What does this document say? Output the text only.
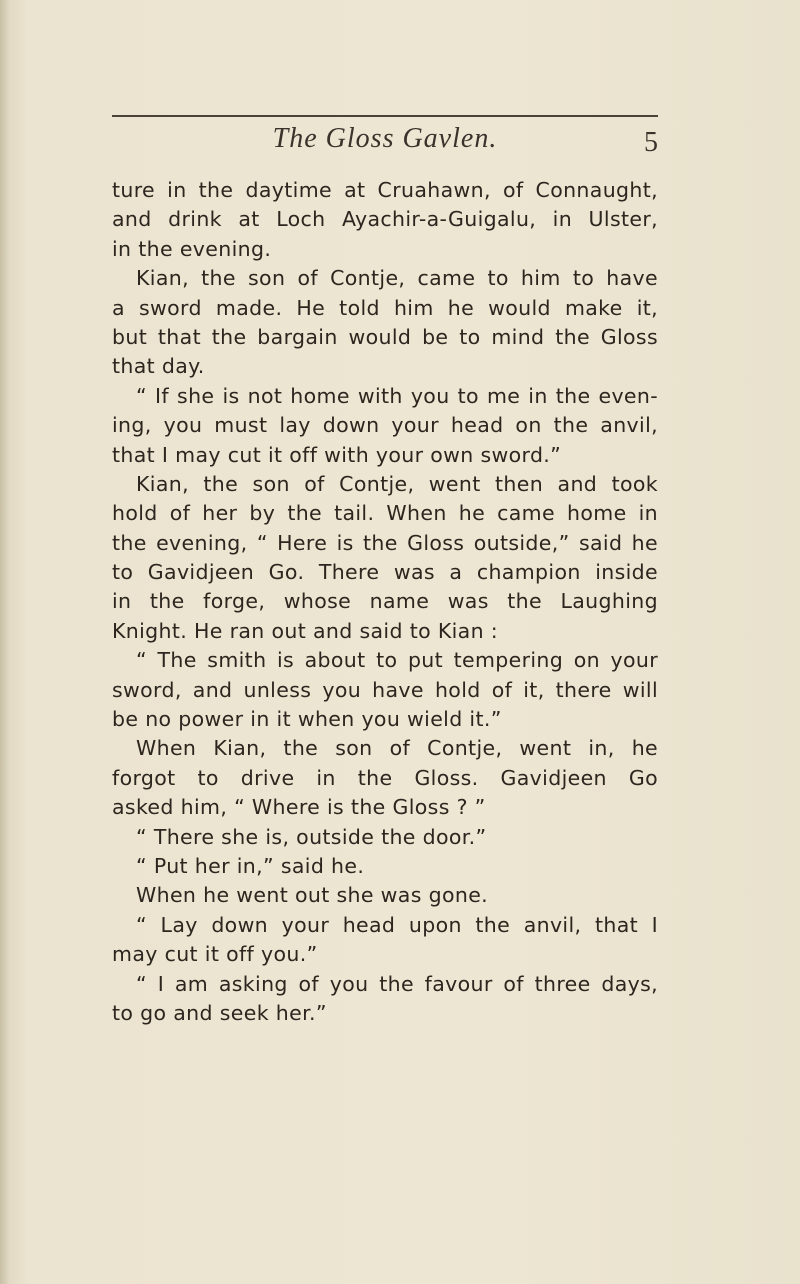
The Gloss Gavlen.	5
ture in the daytime at Cruahawn, of Connaught,
and drink at Loch Ayachir-a-Guigalu, in Ulster,
in the evening.
Kian, the son of Contje, came to him to have
a sword made. He told him he would make it,
but that the bargain would be to mind the Gloss
that day.
“ If she is not home with you to me in the even-
ing, you must lay down your head on the anvil,
that I may cut it off with your own sword.”
Kian, the son of Contje, went then and took
hold of her by the tail. When he came home in
the evening, “ Here is the Gloss outside,” said he
to Gavidjeen Go. There was a champion inside
in the forge, whose name was the Laughing
Knight. He ran out and said to Kian :
“ The smith is about to put tempering on your
sword, and unless you have hold of it, there will
be no power in it when you wield it.”
When Kian, the son of Contje, went in, he
forgot to drive in the Gloss. Gavidjeen Go
asked him, “ Where is the Gloss ? ”
“ There she is, outside the door.”
“ Put her in,” said he.
When he went out she was gone.
“ Lay down your head upon the anvil, that I
may cut it off you.”
“ I am asking of you the favour of three days,
to go and seek her.”
